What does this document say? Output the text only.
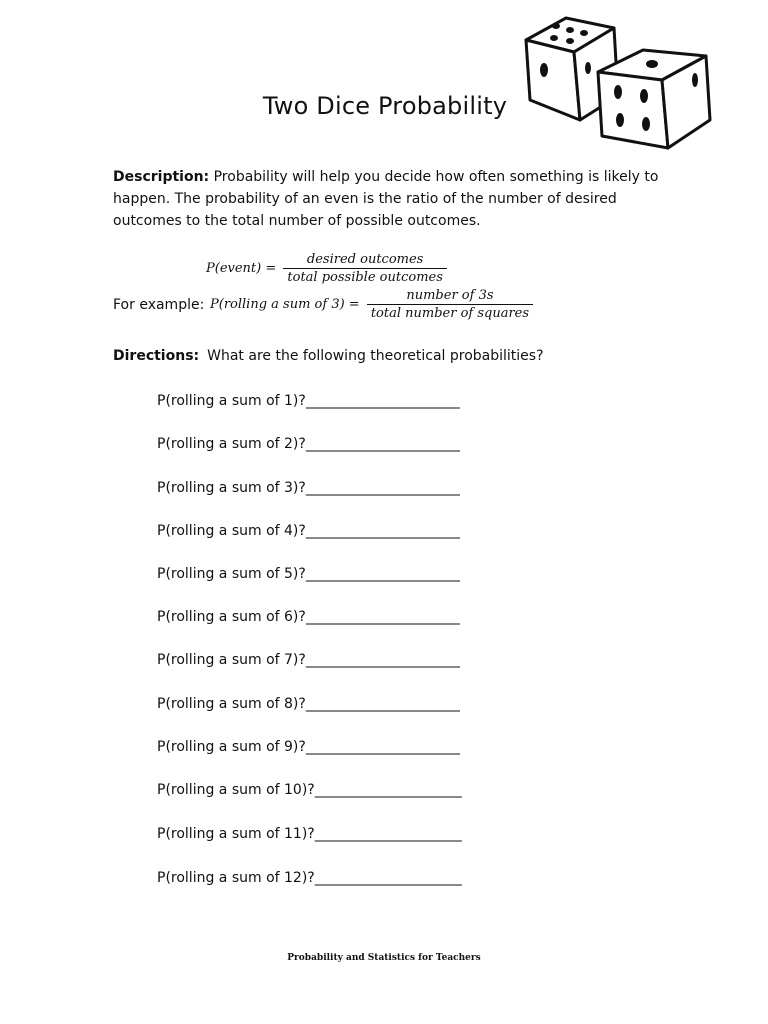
Two Dice Probability
Description: Probability will help you decide how often something is likely to happen. The probability of an even is the ratio of the number of desired outcomes to the total number of possible outcomes.
P(event) = $\frac{\text{desired outcomes}}{\text{total possible outcomes}}$
For example: P(rolling a sum of $3) = \frac{\text{number of 3s}}{\text{total number of squares}}$
Directions: What are the following theoretical probabilities?
P(rolling a sum of 1)?______________________
P(rolling a sum of 2)?______________________
P(rolling a sum of 3)?______________________
P(rolling a sum of 4)?______________________
P(rolling a sum of 5)?______________________
P(rolling a sum of 6)?______________________
P(rolling a sum of 7)?______________________
P(rolling a sum of 8)?______________________
P(rolling a sum of 9)?______________________
P(rolling a sum of 10)?_____________________
P(rolling a sum of 11)?_____________________
P(rolling a sum of 12)?_____________________
Probability and Statistics for Teachers
